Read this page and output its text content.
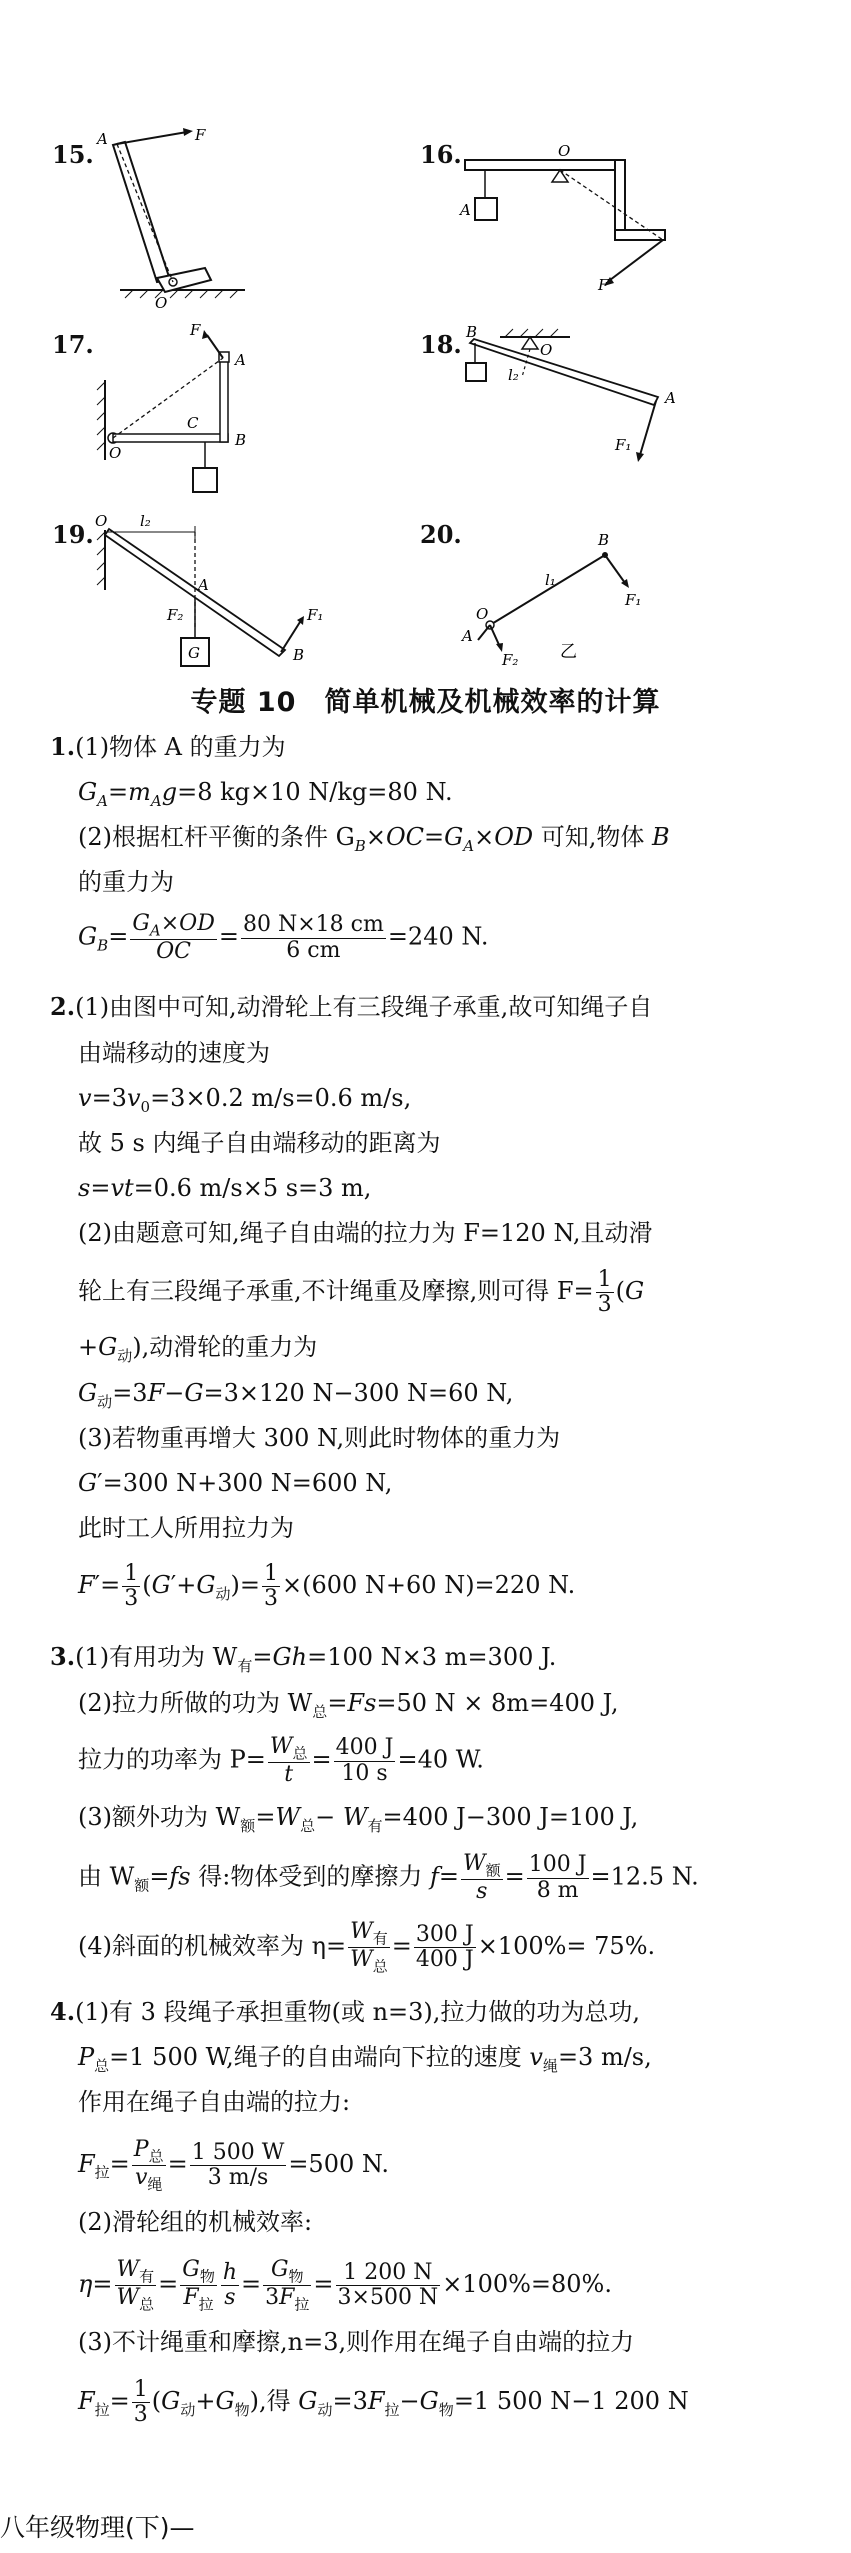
15.
A	F
O
16.	O
A
F
17.	F
A
C
B
O
18. B
O
l₂
A
F₁
19. O l₂
A
F₂
G	B
F₁
20.
l₁
B
O
A
F₁
F₂ 乙
专题 10　简单机械及机械效率的计算
1.(1)物体 A 的重力为
$G_A=m_Ag=8$ kg×10 N/kg=80 N.
(2)根据杠杆平衡的条件 $G_B\times OC=G_A\times OD$ 可知,物体 B
的重力为
$G_B= \frac{G_A\times OD}{OC} = \frac{80 N\times 18 cm}{6 cm} =240$ N.
2.(1)由图中可知,动滑轮上有三段绳子承重,故可知绳子自
由端移动的速度为
$v=3v_0=3\times 0.2$ m/s=0.6 m/s,
故 5 s 内绳子自由端移动的距离为
s=vt=0.6 m/s×5 s=3 m,
(2)由题意可知,绳子自由端的拉力为 F=120 N,且动滑
轮上有三段绳子承重,不计绳重及摩擦,则可得 $F= \frac{1}{3} (G$
$+G_动$),动滑轮的重力为
$G_动=3F-G=3\times 120$ N−300 N=60 N,
(3)若物重再增大 300 N,则此时物体的重力为
G′=300 N+300 N=600 N,
此时工人所用拉力为
$F'= \frac{1}{3} (G'+G_动)= \frac{1}{3} \times(600$ N+60 N)=220 N.
3.(1)有用功为 $W_有=Gh=100$ N×3 m=300 J.
(2)拉力所做的功为 $W_总=Fs=50$ N × 8m=400 J,
拉力的功率为 $P= \frac{W_总}{t} = \frac{400 J}{10 s} =40$ W.
(3)额外功为 $W_额=W_总- W_有=400$ J−300 J=100 J,
由 $W_额=fs$ 得:物体受到的摩擦力 $f= \frac{W_额}{s} = \frac{100 J}{8 m} =12.5$ N.
(4)斜面的机械效率为 $\eta= \frac{W_有}{W_总} = \frac{300 J}{400 J} \times 100\%= 75\%$.
4.(1)有 3 段绳子承担重物(或 n=3),拉力做的功为总功,
$P_总=1$ 500 W,绳子的自由端向下拉的速度 $v_绳=3$ m/s,
作用在绳子自由端的拉力:
$F_拉= \frac{P_总}{v_绳} = \frac{1 500 W}{3 m/s} =500$ N.
(2)滑轮组的机械效率:
$\eta= \frac{W_有}{W_总} = \frac{G_物}{F_拉} \frac{h}{s} = \frac{G_物}{3F_拉} = \frac{1 200 N}{3\times 500 N} \times 100\%=80\%$.
(3)不计绳重和摩擦,n=3,则作用在绳子自由端的拉力
$F_拉= \frac{1}{3} (G_动+G_物)$,得 $G_动=3F_拉-G_物=1$ 500 N−1 200 N
八年级物理(下)—
